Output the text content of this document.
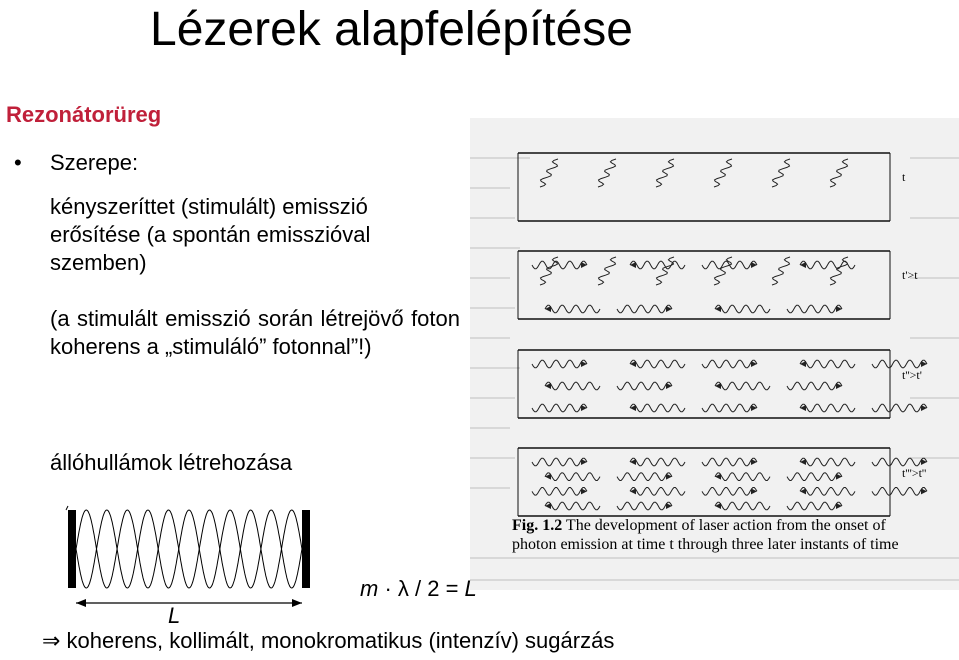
Lézerek alapfelépítése
Rezonátorüreg
• Szerepe:
kényszeríttet (stimulált) emisszió erősítése (a spontán emisszióval szemben)
(a stimulált emisszió során létrejövő foton koherens a „stimuláló” fotonnal”!)
állóhullámok létrehozása
L
t
t'>t
t''>t'
t'''>t''
Fig. 1.2 The development of laser action from the onset of photon emission at time t through three later instants of time
m · λ / 2 = L
⇒ koherens, kollimált, monokromatikus (intenzív) sugárzás
